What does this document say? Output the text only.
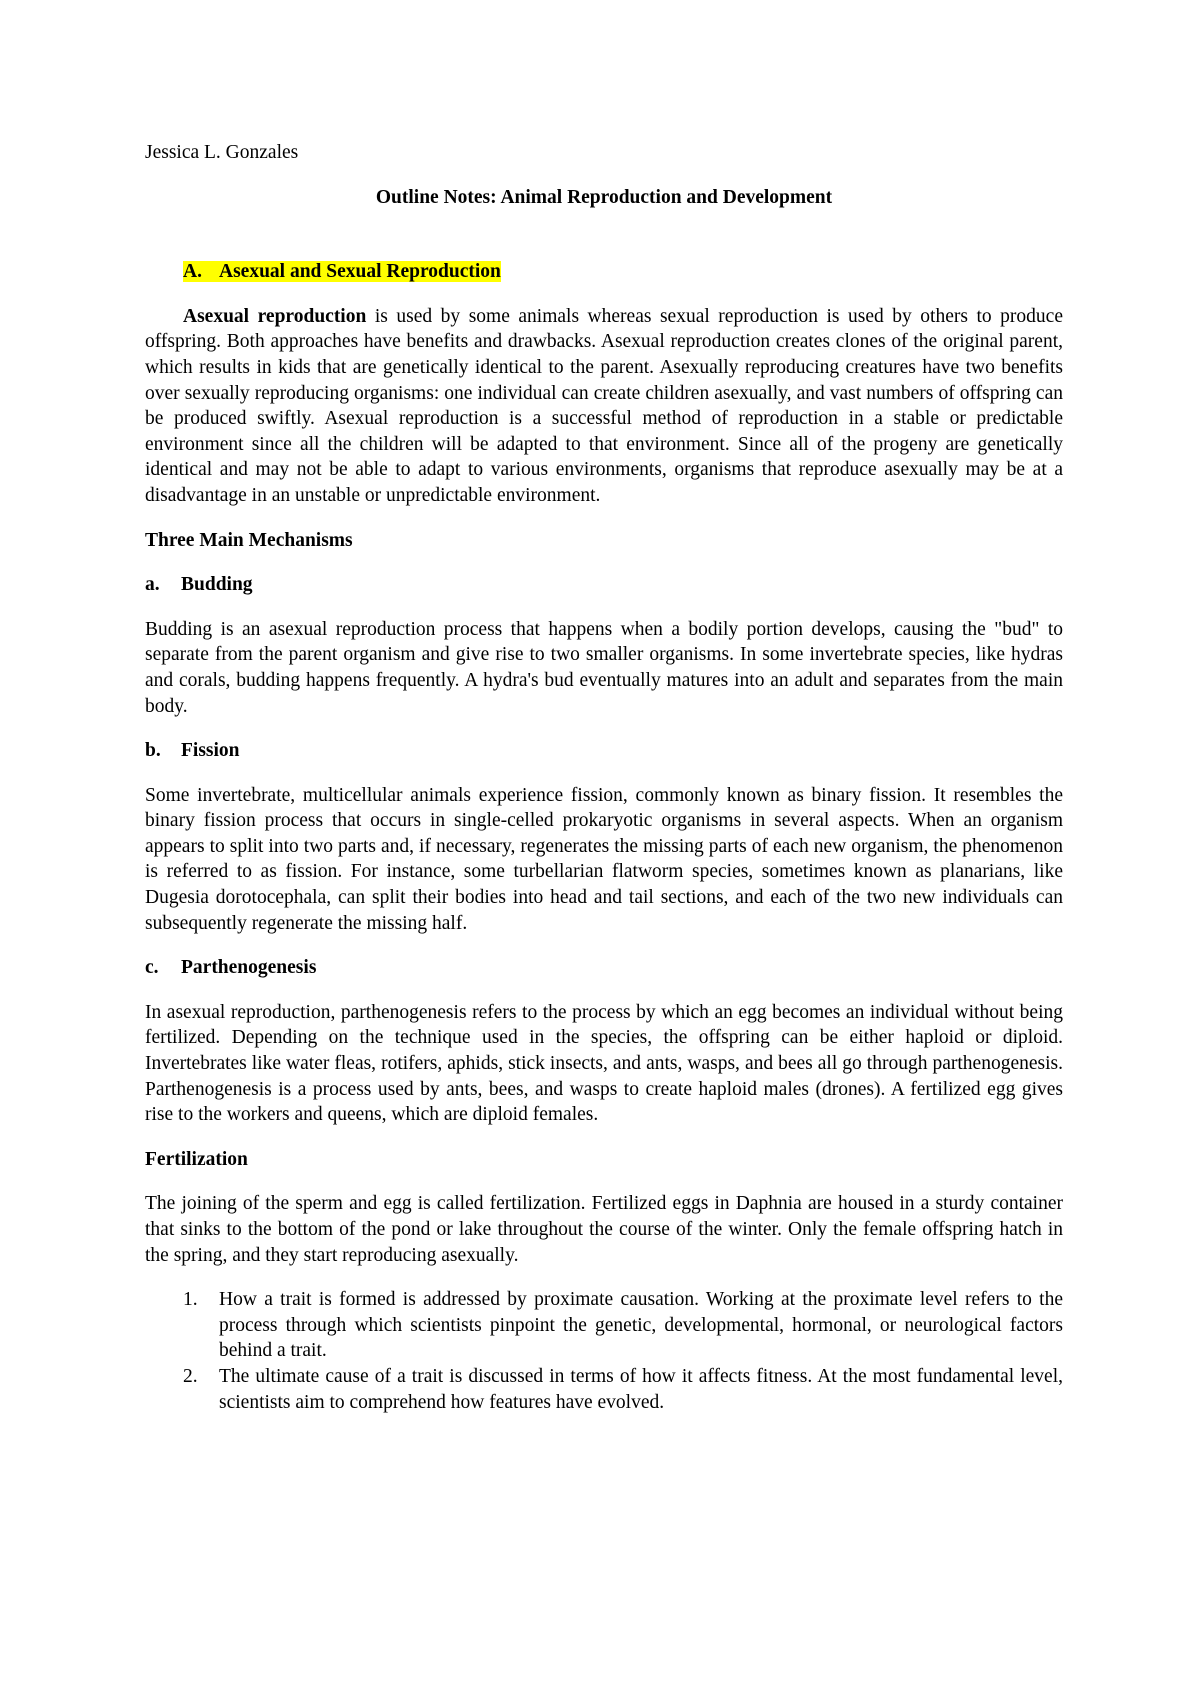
Jessica L. Gonzales

Outline Notes: Animal Reproduction and Development

A. Asexual and Sexual Reproduction

Asexual reproduction is used by some animals whereas sexual reproduction is used by others to produce offspring. Both approaches have benefits and drawbacks. Asexual reproduction creates clones of the original parent, which results in kids that are genetically identical to the parent. Asexually reproducing creatures have two benefits over sexually reproducing organisms: one individual can create children asexually, and vast numbers of offspring can be produced swiftly. Asexual reproduction is a successful method of reproduction in a stable or predictable environment since all the children will be adapted to that environment. Since all of the progeny are genetically identical and may not be able to adapt to various environments, organisms that reproduce asexually may be at a disadvantage in an unstable or unpredictable environment.

Three Main Mechanisms

a. Budding

Budding is an asexual reproduction process that happens when a bodily portion develops, causing the "bud" to separate from the parent organism and give rise to two smaller organisms. In some invertebrate species, like hydras and corals, budding happens frequently. A hydra's bud eventually matures into an adult and separates from the main body.

b. Fission

Some invertebrate, multicellular animals experience fission, commonly known as binary fission. It resembles the binary fission process that occurs in single-celled prokaryotic organisms in several aspects. When an organism appears to split into two parts and, if necessary, regenerates the missing parts of each new organism, the phenomenon is referred to as fission. For instance, some turbellarian flatworm species, sometimes known as planarians, like Dugesia dorotocephala, can split their bodies into head and tail sections, and each of the two new individuals can subsequently regenerate the missing half.

c. Parthenogenesis

In asexual reproduction, parthenogenesis refers to the process by which an egg becomes an individual without being fertilized. Depending on the technique used in the species, the offspring can be either haploid or diploid. Invertebrates like water fleas, rotifers, aphids, stick insects, and ants, wasps, and bees all go through parthenogenesis. Parthenogenesis is a process used by ants, bees, and wasps to create haploid males (drones). A fertilized egg gives rise to the workers and queens, which are diploid females.

Fertilization

The joining of the sperm and egg is called fertilization. Fertilized eggs in Daphnia are housed in a sturdy container that sinks to the bottom of the pond or lake throughout the course of the winter. Only the female offspring hatch in the spring, and they start reproducing asexually.

1. How a trait is formed is addressed by proximate causation. Working at the proximate level refers to the process through which scientists pinpoint the genetic, developmental, hormonal, or neurological factors behind a trait.
2. The ultimate cause of a trait is discussed in terms of how it affects fitness. At the most fundamental level, scientists aim to comprehend how features have evolved.
